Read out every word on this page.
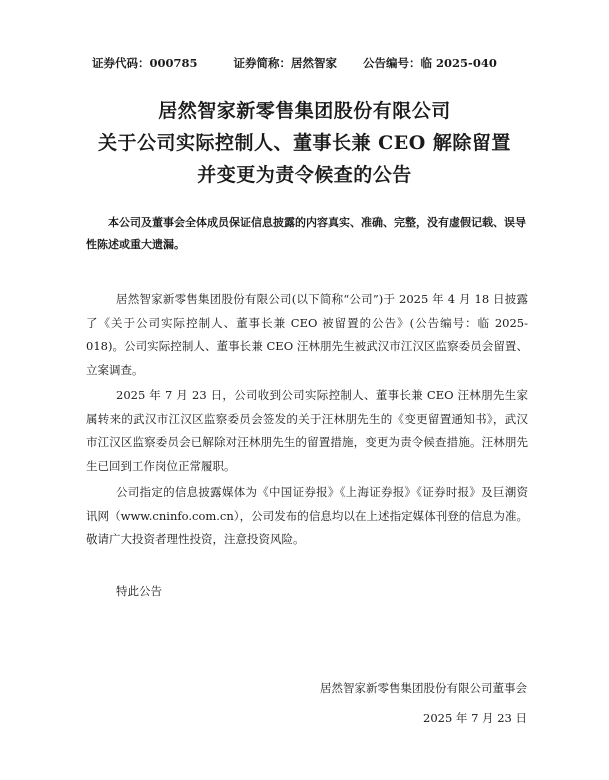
证券代码：000785	证券简称：居然智家 公告编号：临 2025-040
居然智家新零售集团股份有限公司
关于公司实际控制人、董事长兼 CEO 解除留置
并变更为责令候查的公告
本公司及董事会全体成员保证信息披露的内容真实、准确、完整，没有虚假记载、误导性陈述或重大遗漏。
居然智家新零售集团股份有限公司(以下简称“公司”)于 2025 年 4 月 18 日披露了《关于公司实际控制人、董事长兼 CEO 被留置的公告》(公告编号：临 2025-018)。公司实际控制人、董事长兼 CEO 汪林朋先生被武汉市江汉区监察委员会留置、立案调查。
2025 年 7 月 23 日，公司收到公司实际控制人、董事长兼 CEO 汪林朋先生家属转来的武汉市江汉区监察委员会签发的关于汪林朋先生的《变更留置通知书》，武汉市江汉区监察委员会已解除对汪林朋先生的留置措施，变更为责令候查措施。汪林朋先生已回到工作岗位正常履职。
公司指定的信息披露媒体为《中国证券报》《上海证券报》《证券时报》及巨潮资讯网（www.cninfo.com.cn），公司发布的信息均以在上述指定媒体刊登的信息为准。敬请广大投资者理性投资，注意投资风险。
特此公告
居然智家新零售集团股份有限公司董事会
2025 年 7 月 23 日
